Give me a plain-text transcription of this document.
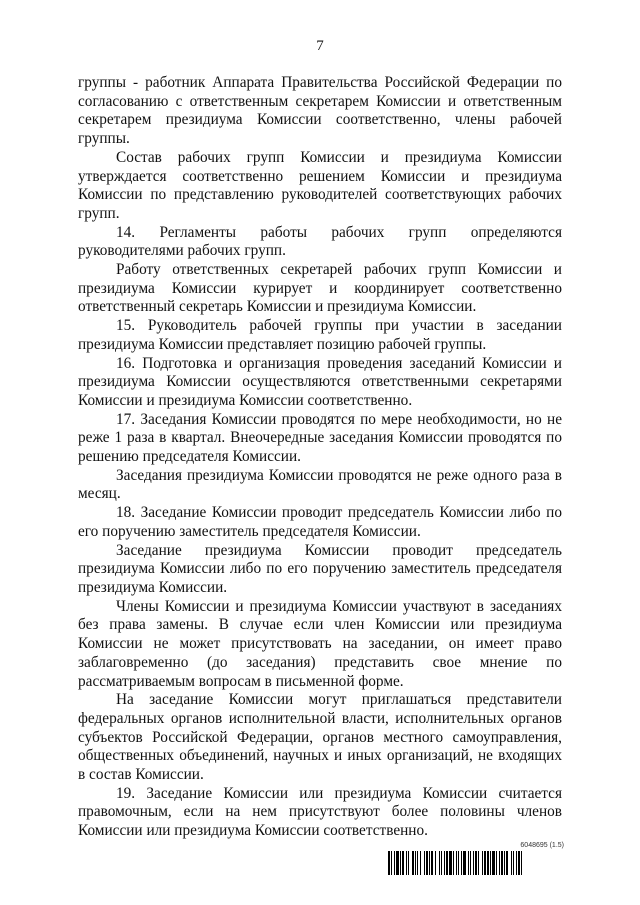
7

группы - работник Аппарата Правительства Российской Федерации по согласованию с ответственным секретарем Комиссии и ответственным секретарем президиума Комиссии соответственно, члены рабочей группы.

Состав рабочих групп Комиссии и президиума Комиссии утверждается соответственно решением Комиссии и президиума Комиссии по представлению руководителей соответствующих рабочих групп.

14. Регламенты работы рабочих групп определяются руководителями рабочих групп.

Работу ответственных секретарей рабочих групп Комиссии и президиума Комиссии курирует и координирует соответственно ответственный секретарь Комиссии и президиума Комиссии.

15. Руководитель рабочей группы при участии в заседании президиума Комиссии представляет позицию рабочей группы.

16. Подготовка и организация проведения заседаний Комиссии и президиума Комиссии осуществляются ответственными секретарями Комиссии и президиума Комиссии соответственно.

17. Заседания Комиссии проводятся по мере необходимости, но не реже 1 раза в квартал. Внеочередные заседания Комиссии проводятся по решению председателя Комиссии.

Заседания президиума Комиссии проводятся не реже одного раза в месяц.

18. Заседание Комиссии проводит председатель Комиссии либо по его поручению заместитель председателя Комиссии.

Заседание президиума Комиссии проводит председатель президиума Комиссии либо по его поручению заместитель председателя президиума Комиссии.

Члены Комиссии и президиума Комиссии участвуют в заседаниях без права замены. В случае если член Комиссии или президиума Комиссии не может присутствовать на заседании, он имеет право заблаговременно (до заседания) представить свое мнение по рассматриваемым вопросам в письменной форме.

На заседание Комиссии могут приглашаться представители федеральных органов исполнительной власти, исполнительных органов субъектов Российской Федерации, органов местного самоуправления, общественных объединений, научных и иных организаций, не входящих в состав Комиссии.

19. Заседание Комиссии или президиума Комиссии считается правомочным, если на нем присутствуют более половины членов Комиссии или президиума Комиссии соответственно.

6048695 (1.5)
